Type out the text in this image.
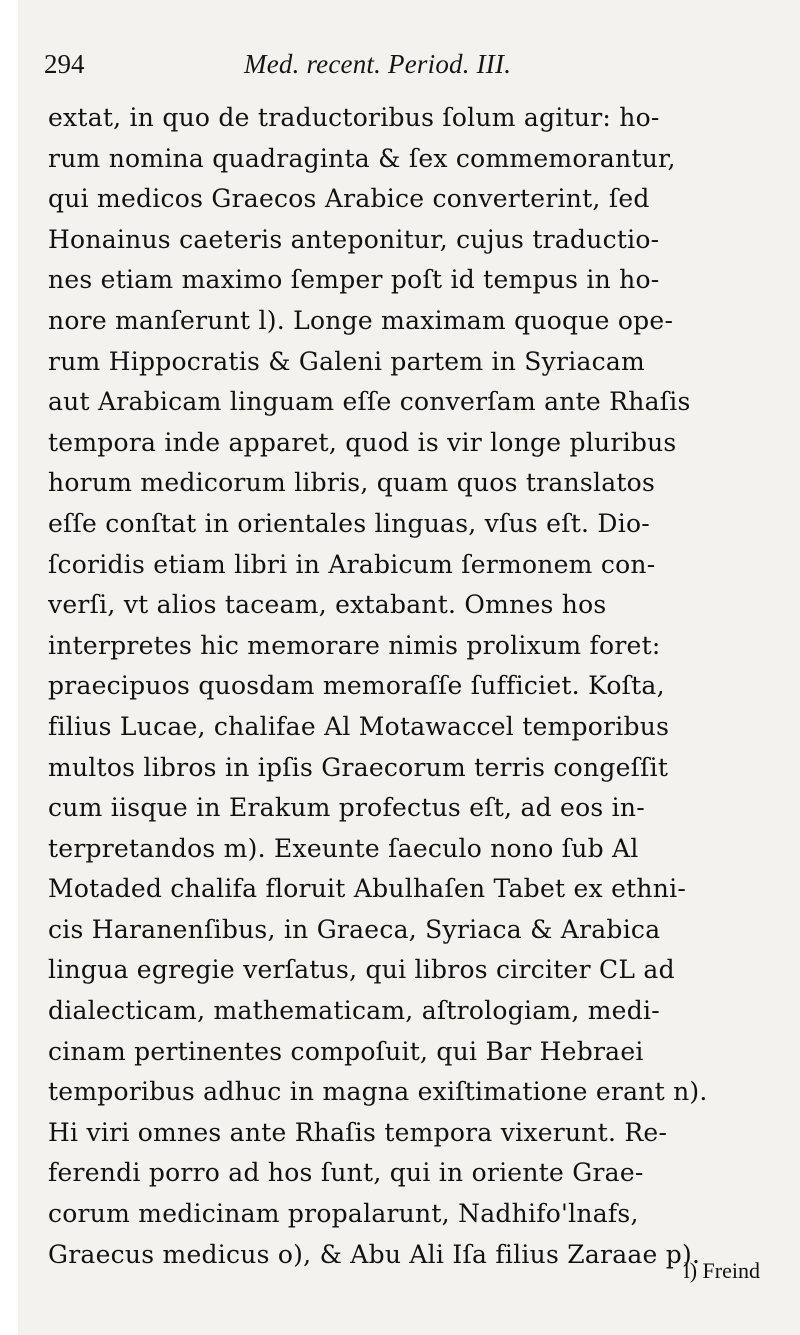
294	Med. recent. Period. III.
extat, in quo de traductoribus ſolum agitur: ho-
rum nomina quadraginta & ſex commemorantur,
qui medicos Graecos Arabice converterint, ſed
Honainus caeteris anteponitur, cujus traductio-
nes etiam maximo ſemper poſt id tempus in ho-
nore manſerunt l). Longe maximam quoque ope-
rum Hippocratis & Galeni partem in Syriacam
aut Arabicam linguam eſſe converſam ante Rhaſis
tempora inde apparet, quod is vir longe pluribus
horum medicorum libris, quam quos translatos
eſſe conſtat in orientales linguas, vſus eſt. Dio-
ſcoridis etiam libri in Arabicum ſermonem con-
verſi, vt alios taceam, extabant. Omnes hos
interpretes hic memorare nimis prolixum foret:
praecipuos quosdam memoraſſe ſufficiet. Koſta,
filius Lucae, chalifae Al Motawaccel temporibus
multos libros in ipſis Graecorum terris congeſſit
cum iisque in Erakum profectus eſt, ad eos in-
terpretandos m). Exeunte ſaeculo nono ſub Al
Motaded chalifa floruit Abulhaſen Tabet ex ethni-
cis Haranenſibus, in Graeca, Syriaca & Arabica
lingua egregie verſatus, qui libros circiter CL ad
dialecticam, mathematicam, aſtrologiam, medi-
cinam pertinentes compoſuit, qui Bar Hebraei
temporibus adhuc in magna exiſtimatione erant n).
Hi viri omnes ante Rhaſis tempora vixerunt. Re-
ferendi porro ad hos ſunt, qui in oriente Grae-
corum medicinam propalarunt, Nadhifo'lnafs,
Graecus medicus o), & Abu Ali Iſa filius Zaraae p).
l) Freind
